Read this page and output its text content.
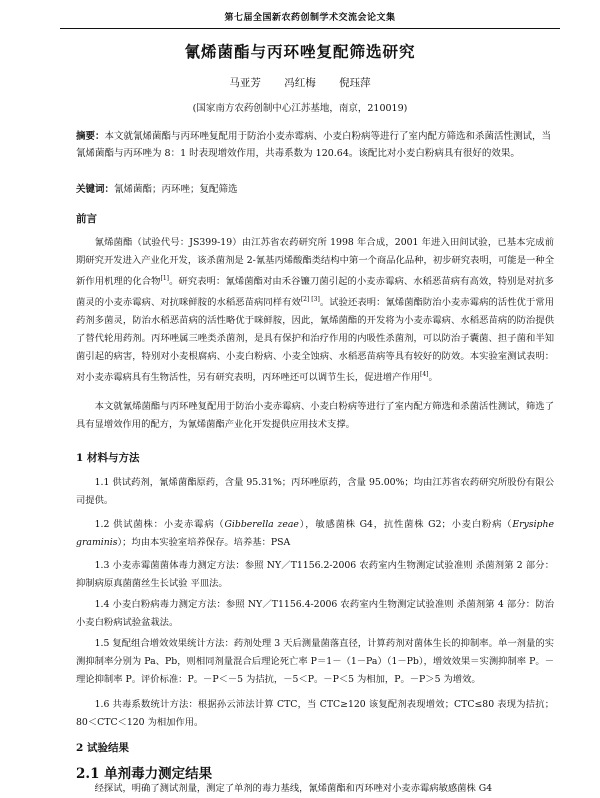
第七届全国新农药创制学术交流会论文集
氰烯菌酯与丙环唑复配筛选研究
马亚芳 冯红梅 倪珏萍
(国家南方农药创制中心江苏基地，南京，210019)

摘要：本文就氰烯菌酯与丙环唑复配用于防治小麦赤霉病、小麦白粉病等进行了室内配方筛选和杀菌活性测试，当氰烯菌酯与丙环唑为 8：1 时表现增效作用，共毒系数为 120.64。该配比对小麦白粉病具有很好的效果。

关键词：氰烯菌酯；丙环唑；复配筛选

前言

氰烯菌酯（试验代号：JS399-19）由江苏省农药研究所 1998 年合成，2001 年进入田间试验，已基本完成前期研究开发进入产业化开发，该杀菌剂是 2-氰基丙烯酸酯类结构中第一个商品化品种，初步研究表明，可能是一种全新作用机理的化合物[1]。研究表明：氰烯菌酯对由禾谷镰刀菌引起的小麦赤霉病、水稻恶苗病有高效，特别是对抗多菌灵的小麦赤霉病、对抗咪鲜胺的水稻恶苗病同样有效[2] [3]。试验还表明：氰烯菌酯防治小麦赤霉病的活性优于常用药剂多菌灵，防治水稻恶苗病的活性略优于咪鲜胺，因此，氰烯菌酯的开发将为小麦赤霉病、水稻恶苗病的防治提供了替代轮用药剂。丙环唑属三唑类杀菌剂，是具有保护和治疗作用的内吸性杀菌剂，可以防治子囊菌、担子菌和半知菌引起的病害，特别对小麦根腐病、小麦白粉病、小麦全蚀病、水稻恶苗病等具有较好的防效。本实验室测试表明：对小麦赤霉病具有生物活性，另有研究表明，丙环唑还可以调节生长，促进增产作用[4]。

本文就氰烯菌酯与丙环唑复配用于防治小麦赤霉病、小麦白粉病等进行了室内配方筛选和杀菌活性测试，筛选了具有显增效作用的配方，为氰烯菌酯产业化开发提供应用技术支撑。

1 材料与方法

1.1 供试药剂，氰烯菌酯原药，含量 95.31%；丙环唑原药，含量 95.00%；均由江苏省农药研究所股份有限公司提供。

1.2 供试菌株：小麦赤霉病（Gibberella zeae），敏感菌株 G4，抗性菌株 G2；小麦白粉病（Erysiphe graminis）；均由本实验室培养保存。培养基：PSA

1.3 小麦赤霉菌菌体毒力测定方法：参照 NY／T1156.2-2006 农药室内生物测定试验准则 杀菌剂第 2 部分：抑制病原真菌菌丝生长试验 平皿法。

1.4 小麦白粉病毒力测定方法：参照 NY／T1156.4-2006 农药室内生物测定试验准则 杀菌剂第 4 部分：防治小麦白粉病试验盆栽法。

1.5 复配组合增效效果统计方法：药剂处理 3 天后测量菌落直径，计算药剂对菌体生长的抑制率。单一剂量的实测抑制率分别为 Pa、Pb，则相同剂量混合后理论死亡率 P＝1－（1－Pa）（1－Pb），增效效果＝实测抑制率 P。－理论抑制率 P。评价标准：P。－P＜－5 为拮抗，－5＜P。－P＜5 为相加，P。－P＞5 为增效。

1.6 共毒系数统计方法：根据孙云沛法计算 CTC，当 CTC≥120 该复配剂表现增效；CTC≤80 表现为拮抗；80＜CTC＜120 为相加作用。

2 试验结果
2.1 单剂毒力测定结果

经探试，明确了测试剂量，测定了单剂的毒力基线，氰烯菌酯和丙环唑对小麦赤霉病敏感菌株 G4
